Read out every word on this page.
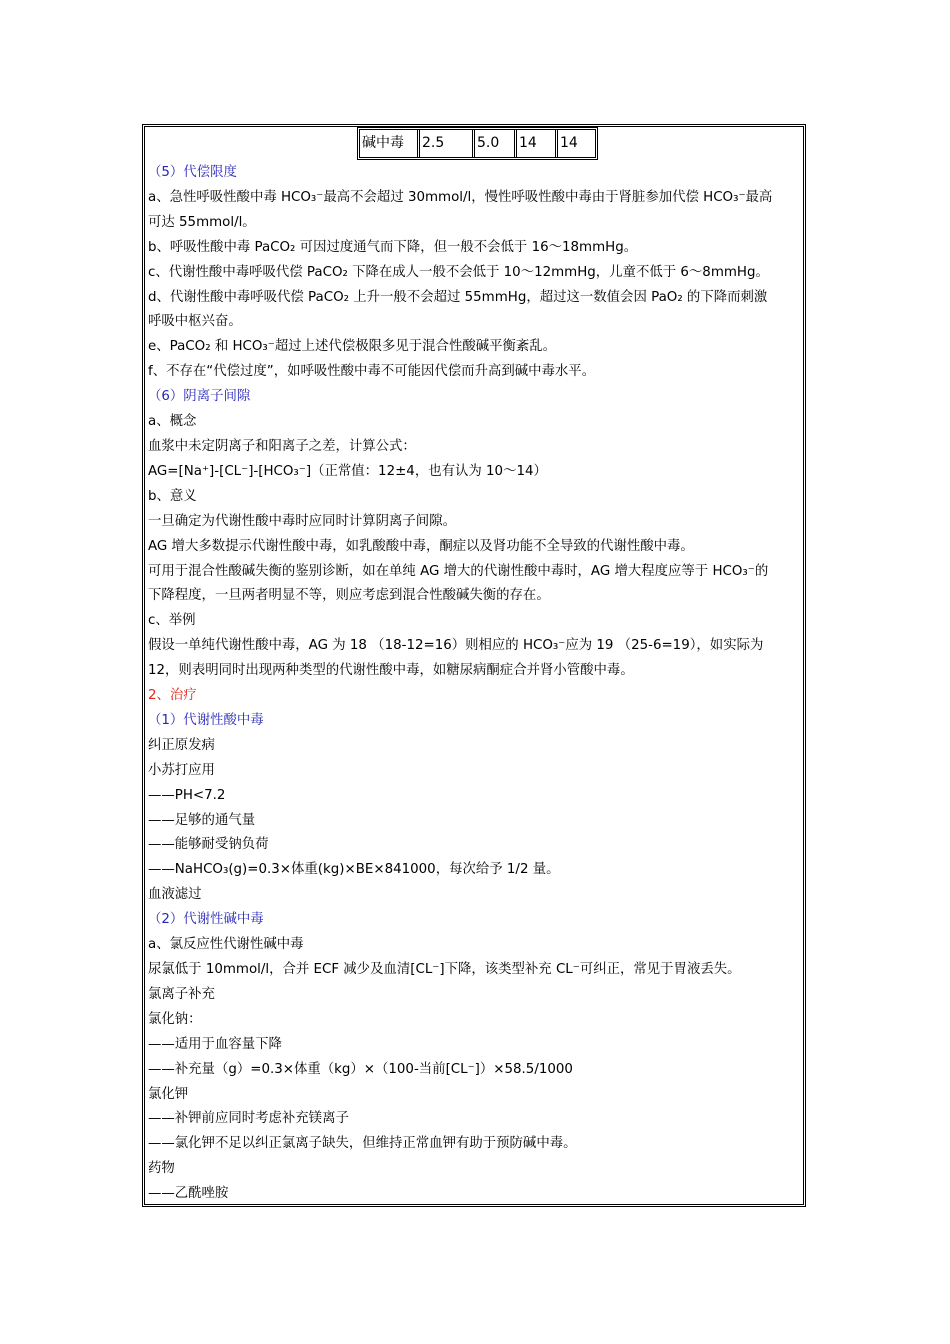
碱中毒	2.5	5.0	14	14
（5）代偿限度
a、急性呼吸性酸中毒 HCO₃⁻最高不会超过 30mmol/l，慢性呼吸性酸中毒由于肾脏参加代偿 HCO₃⁻最高
可达 55mmol/l。
b、呼吸性酸中毒 PaCO₂ 可因过度通气而下降，但一般不会低于 16～18mmHg。
c、代谢性酸中毒呼吸代偿 PaCO₂ 下降在成人一般不会低于 10～12mmHg，儿童不低于 6～8mmHg。
d、代谢性酸中毒呼吸代偿 PaCO₂ 上升一般不会超过 55mmHg，超过这一数值会因 PaO₂ 的下降而刺激
呼吸中枢兴奋。
e、PaCO₂ 和 HCO₃⁻超过上述代偿极限多见于混合性酸碱平衡紊乱。
f、不存在“代偿过度”，如呼吸性酸中毒不可能因代偿而升高到碱中毒水平。
（6）阴离子间隙
a、概念
血浆中未定阴离子和阳离子之差，计算公式：
AG=[Na⁺]-[CL⁻]-[HCO₃⁻]（正常值：12±4，也有认为 10～14）
b、意义
一旦确定为代谢性酸中毒时应同时计算阴离子间隙。
AG 增大多数提示代谢性酸中毒，如乳酸酸中毒，酮症以及肾功能不全导致的代谢性酸中毒。
可用于混合性酸碱失衡的鉴别诊断，如在单纯 AG 增大的代谢性酸中毒时，AG 增大程度应等于 HCO₃⁻的
下降程度，一旦两者明显不等，则应考虑到混合性酸碱失衡的存在。
c、举例
假设一单纯代谢性酸中毒，AG 为 18 （18-12=16）则相应的 HCO₃⁻应为 19 （25-6=19），如实际为
12，则表明同时出现两种类型的代谢性酸中毒，如糖尿病酮症合并肾小管酸中毒。
2、治疗
（1）代谢性酸中毒
纠正原发病
小苏打应用
——PH<7.2
——足够的通气量
——能够耐受钠负荷
——NaHCO₃(g)=0.3×体重(kg)×BE×841000，每次给予 1/2 量。
血液滤过
（2）代谢性碱中毒
a、氯反应性代谢性碱中毒
尿氯低于 10mmol/l，合并 ECF 减少及血清[CL⁻]下降，该类型补充 CL⁻可纠正，常见于胃液丢失。
氯离子补充
氯化钠：
——适用于血容量下降
——补充量（g）=0.3×体重（kg）×（100-当前[CL⁻]）×58.5/1000
氯化钾
——补钾前应同时考虑补充镁离子
——氯化钾不足以纠正氯离子缺失，但维持正常血钾有助于预防碱中毒。
药物
——乙酰唑胺
